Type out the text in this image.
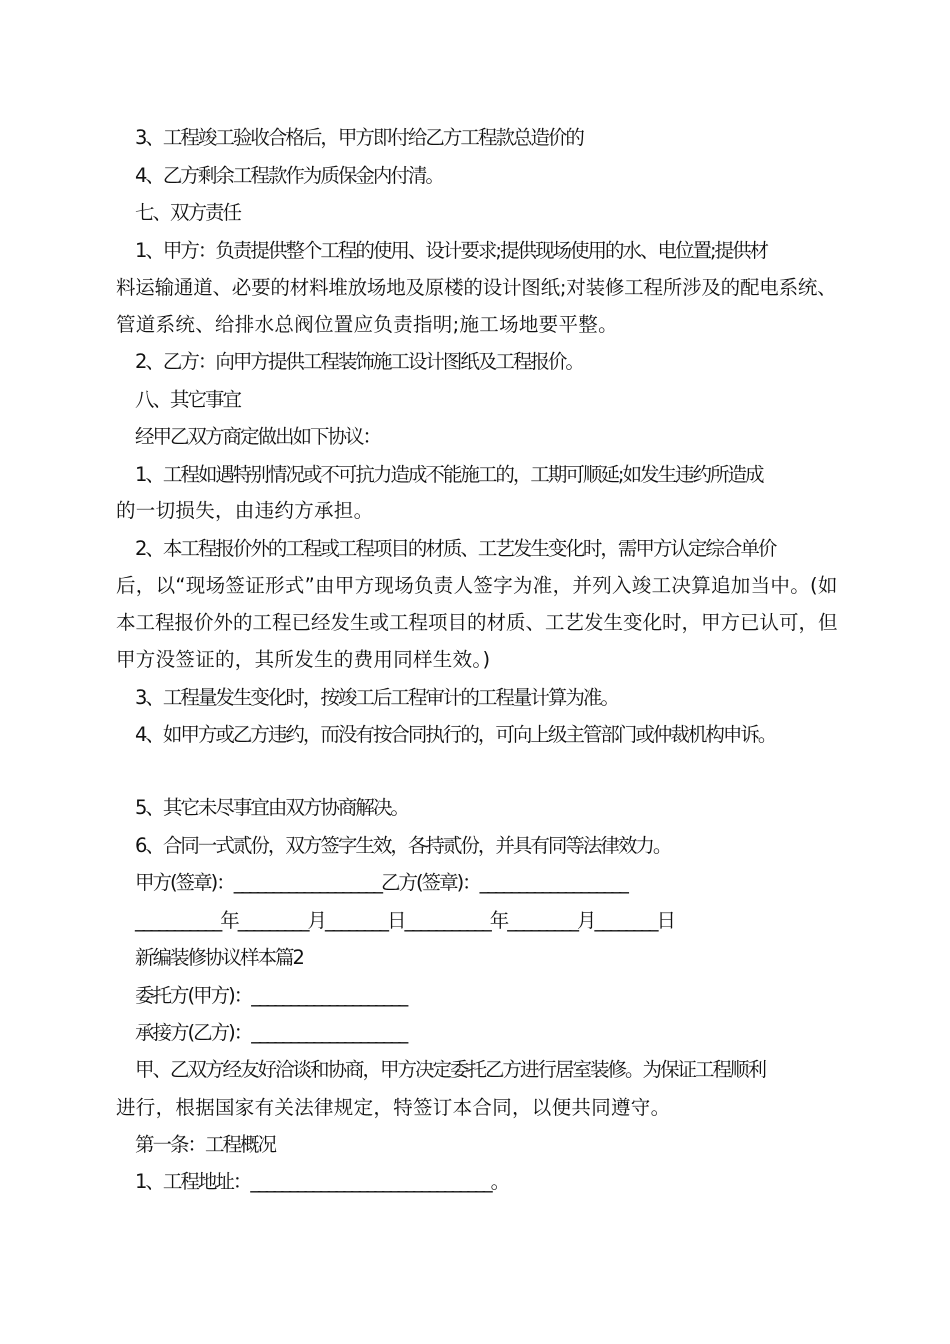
3、工程竣工验收合格后，甲方即付给乙方工程款总造价的
4、乙方剩余工程款作为质保金内付清。
七、双方责任
1、甲方：负责提供整个工程的使用、设计要求;提供现场使用的水、电位置;提供材
料运输通道、必要的材料堆放场地及原楼的设计图纸;对装修工程所涉及的配电系统、
管道系统、给排水总阀位置应负责指明;施工场地要平整。
2、乙方：向甲方提供工程装饰施工设计图纸及工程报价。
八、其它事宜
经甲乙双方商定做出如下协议：
1、工程如遇特别情况或不可抗力造成不能施工的，工期可顺延;如发生违约所造成
的一切损失，由违约方承担。
2、本工程报价外的工程或工程项目的材质、工艺发生变化时，需甲方认定综合单价
后，以“现场签证形式”由甲方现场负责人签字为准，并列入竣工决算追加当中。(如
本工程报价外的工程已经发生或工程项目的材质、工艺发生变化时，甲方已认可，但
甲方没签证的，其所发生的费用同样生效。)
3、工程量发生变化时，按竣工后工程审计的工程量计算为准。
4、如甲方或乙方违约，而没有按合同执行的，可向上级主管部门或仲裁机构申诉。
5、其它未尽事宜由双方协商解决。
6、合同一式贰份，双方签字生效，各持贰份，并具有同等法律效力。
甲方(签章)：___________________乙方(签章)：___________________
___________年_________月________日___________年_________月________日
新编装修协议样本篇2
委托方(甲方)：____________________
承接方(乙方)：____________________
甲、乙双方经友好洽谈和协商，甲方决定委托乙方进行居室装修。为保证工程顺利
进行，根据国家有关法律规定，特签订本合同，以便共同遵守。
第一条：工程概况
1、工程地址：_______________________________。
